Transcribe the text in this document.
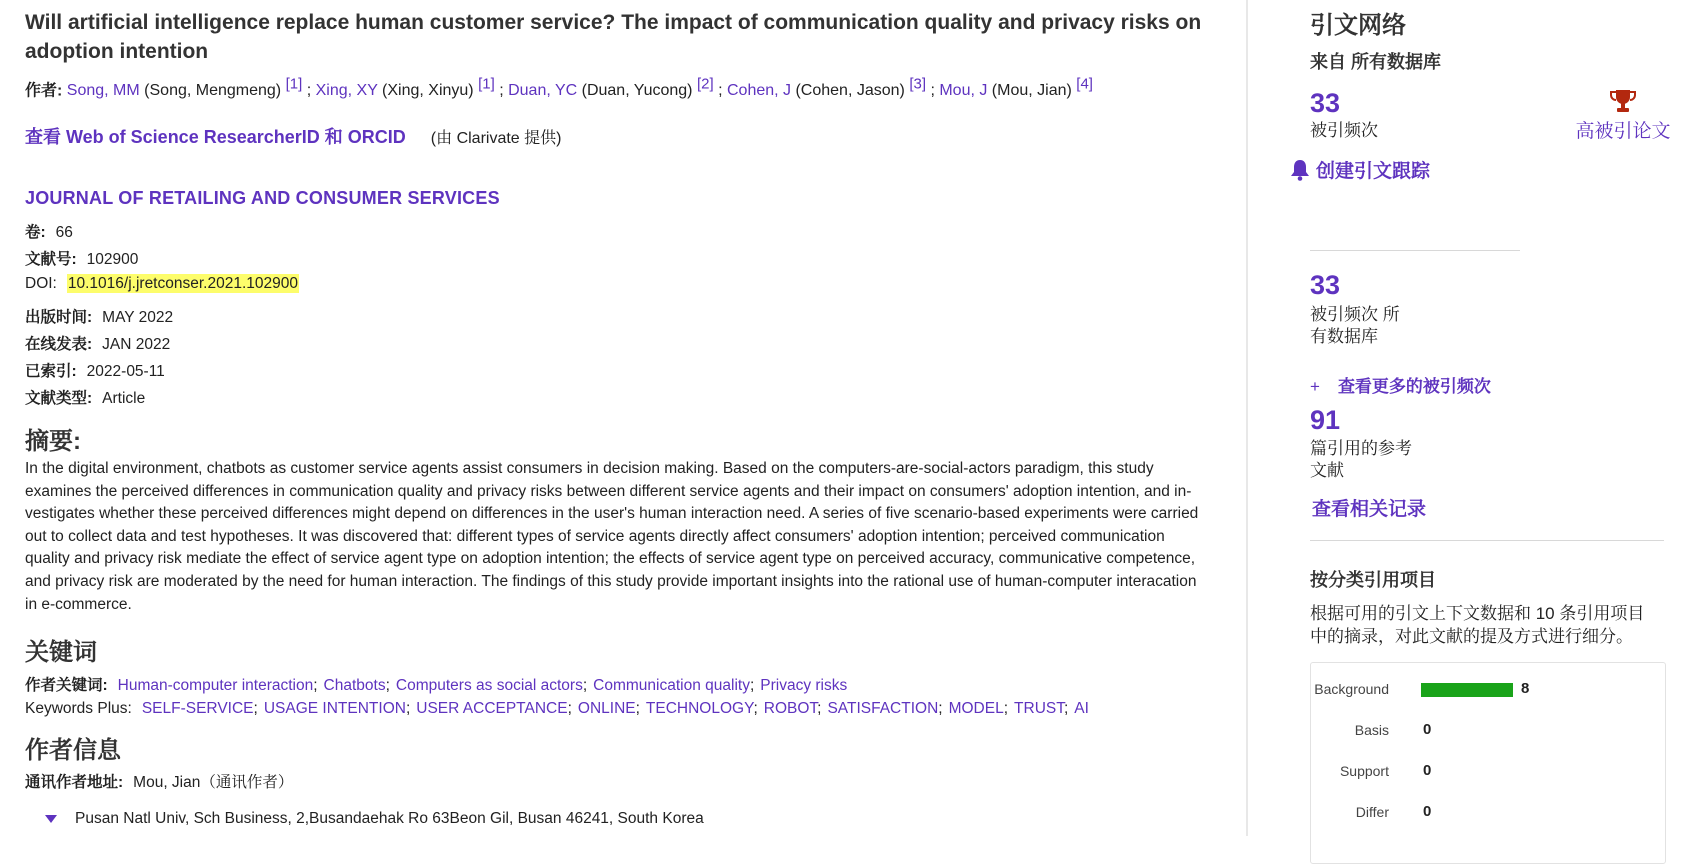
Will artificial intelligence replace human customer service? The impact of communication quality and privacy risks on adoption intention
作者: Song, MM (Song, Mengmeng) [1] ; Xing, XY (Xing, Xinyu) [1] ; Duan, YC (Duan, Yucong) [2] ; Cohen, J (Cohen, Jason) [3] ; Mou, J (Mou, Jian) [4]
查看 Web of Science ResearcherID 和 ORCID (由 Clarivate 提供)
JOURNAL OF RETAILING AND CONSUMER SERVICES
卷: 66
文献号: 102900
DOI: 10.1016/j.jretconser.2021.102900
出版时间: MAY 2022
在线发表: JAN 2022
已索引: 2022-05-11
文献类型: Article
摘要:
In the digital environment, chatbots as customer service agents assist consumers in decision making. Based on the computers-are-social-actors paradigm, this study examines the perceived differences in communication quality and privacy risks between different service agents and their impact on consumers' adoption intention, and in-vestigates whether these perceived differences might depend on differences in the user's human interaction need. A series of five scenario-based experiments were carried out to collect data and test hypotheses. It was discovered that: different types of service agents directly affect consumers' adoption intention; perceived communication quality and privacy risk mediate the effect of service agent type on adoption intention; the effects of service agent type on perceived accuracy, communicative competence, and privacy risk are moderated by the need for human interaction. The findings of this study provide important insights into the rational use of human-computer interacation in e-commerce.
关键词
作者关键词: Human-computer interaction; Chatbots; Computers as social actors; Communication quality; Privacy risks
Keywords Plus: SELF-SERVICE; USAGE INTENTION; USER ACCEPTANCE; ONLINE; TECHNOLOGY; ROBOT; SATISFACTION; MODEL; TRUST; AI
作者信息
通讯作者地址: Mou, Jian（通讯作者）
Pusan Natl Univ, Sch Business, 2,Busandaehak Ro 63Beon Gil, Busan 46241, South Korea
引文网络
来自 所有数据库
33
被引频次	高被引论文
创建引文跟踪
33
被引频次 所
有数据库
+ 查看更多的被引频次
91
篇引用的参考
文献
查看相关记录
按分类引用项目
根据可用的引文上下文数据和 10 条引用项目中的摘录，对此文献的提及方式进行细分。
Background	8
Basis 0
Support 0
Differ 0
